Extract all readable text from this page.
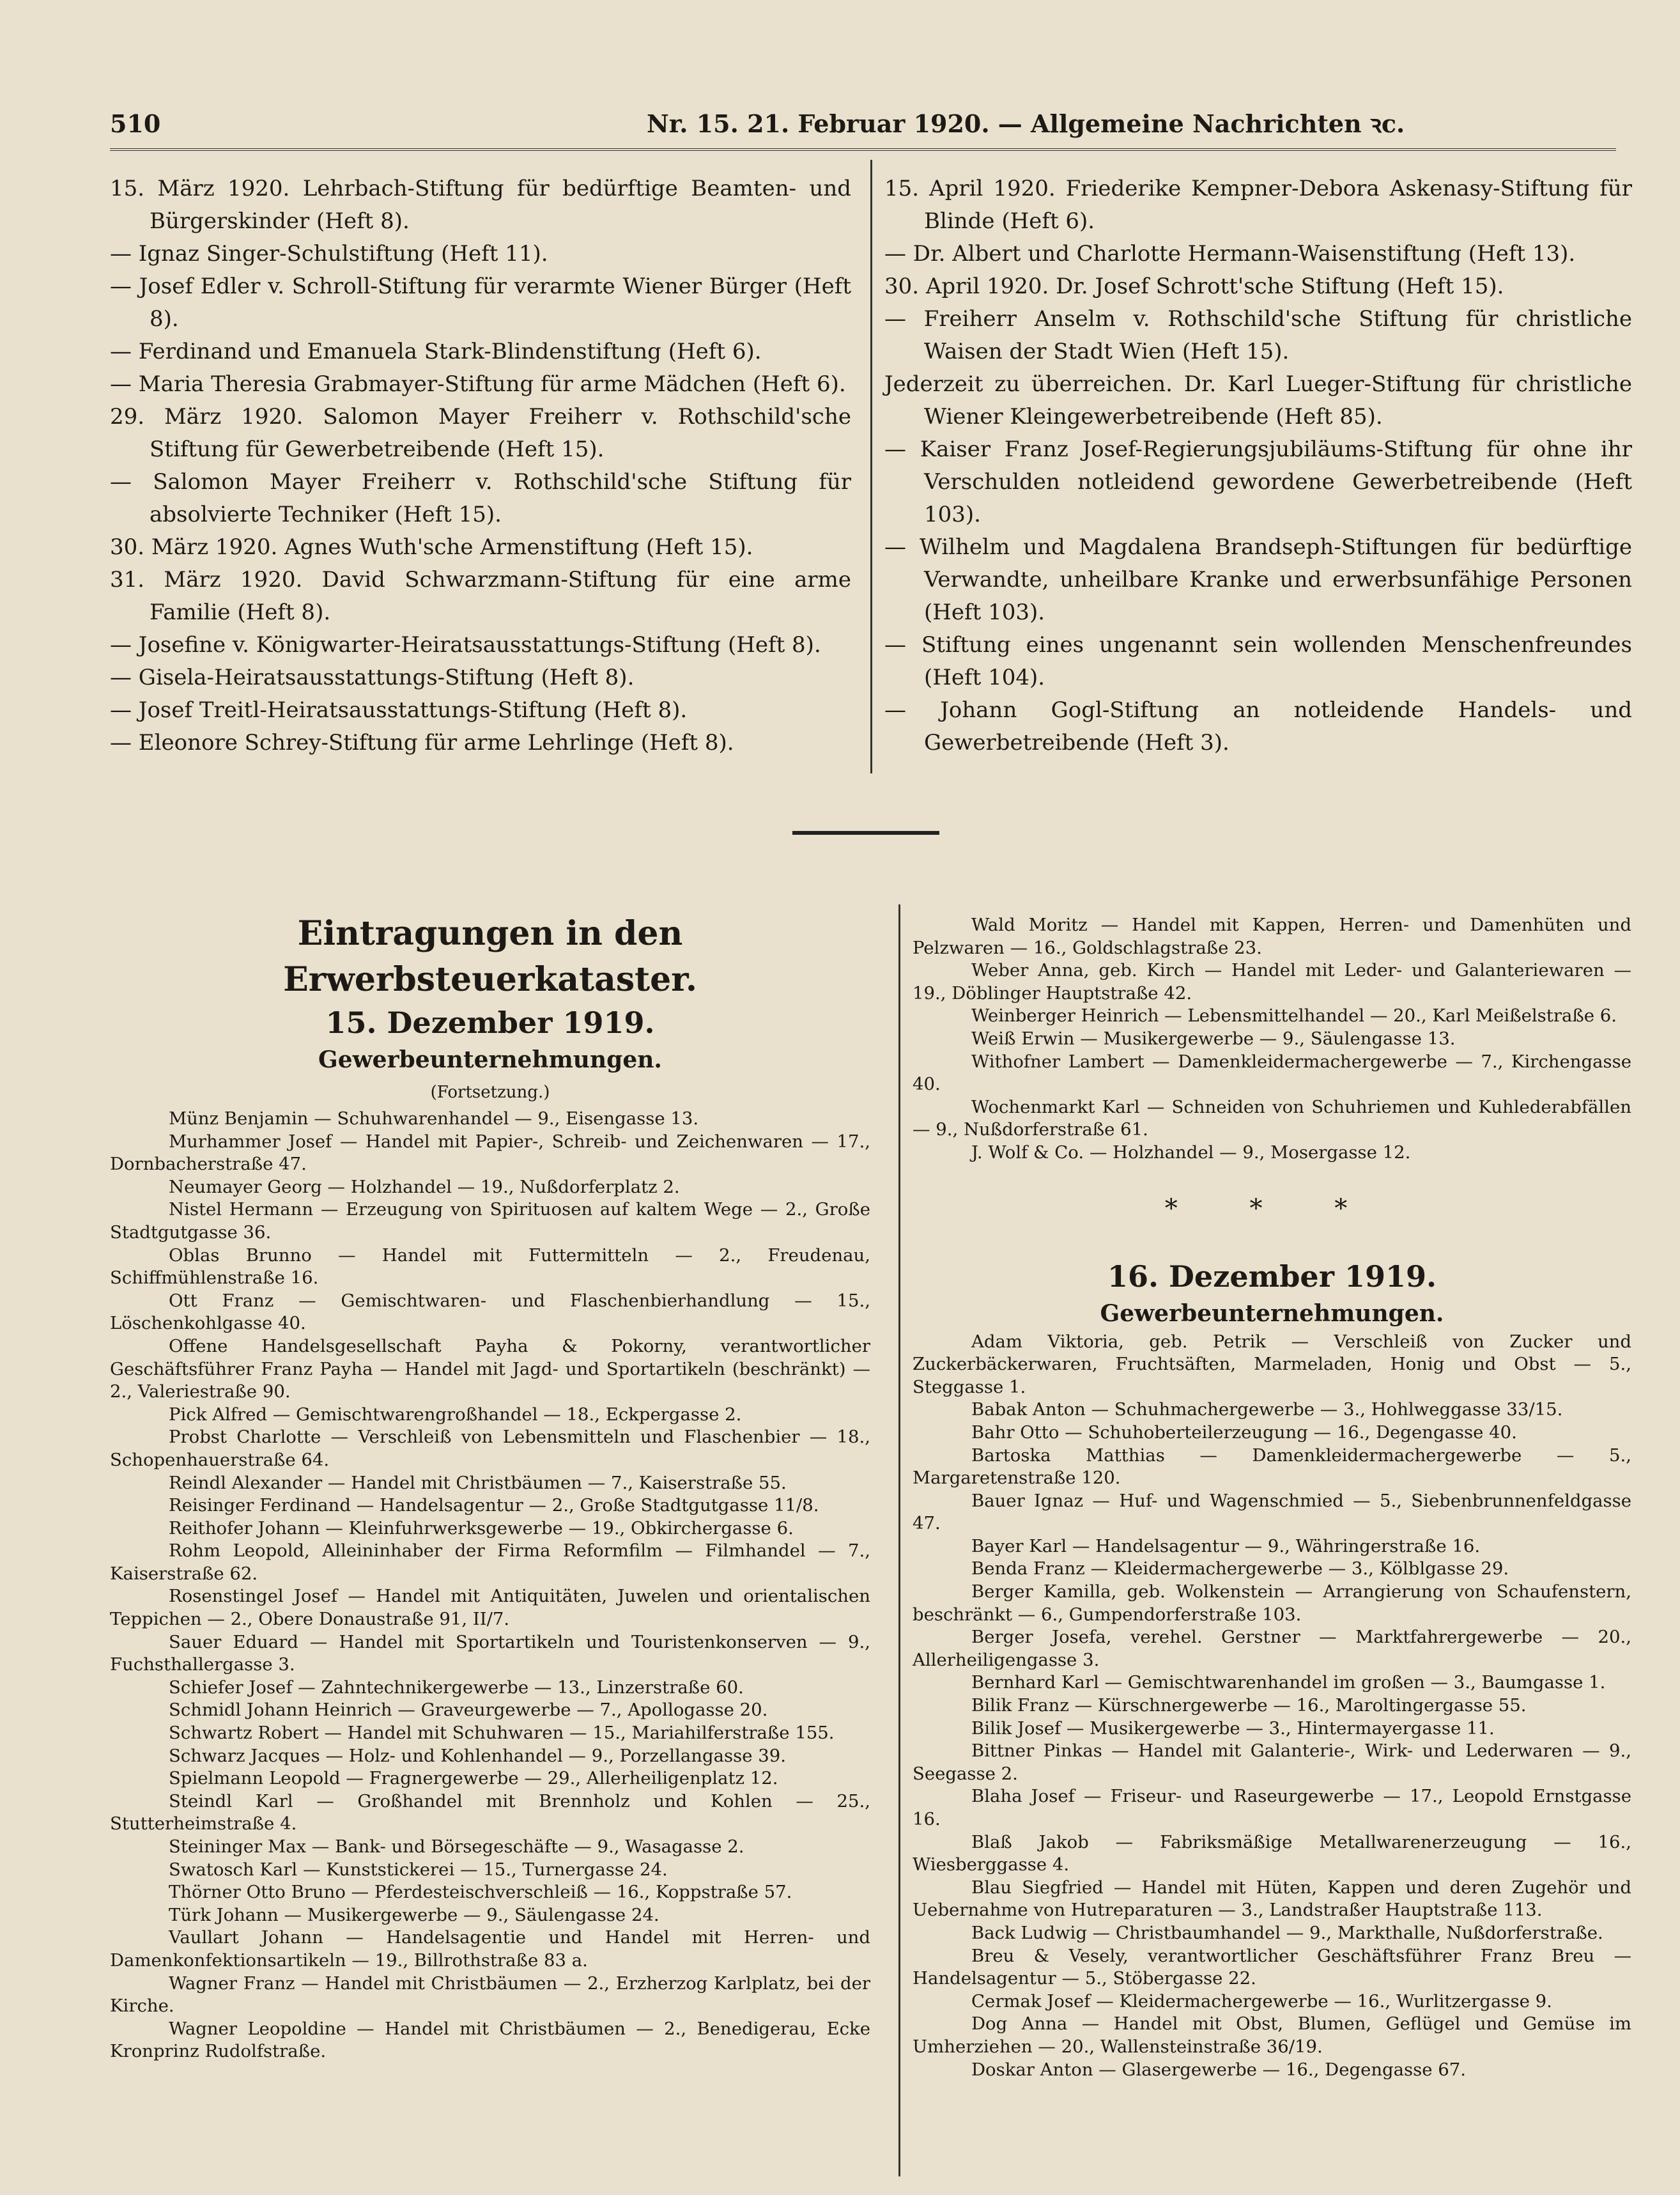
510	Nr. 15. 21. Februar 1920. — Allgemeine Nachrichten ꝛc.
15. März 1920. Lehrbach-Stiftung für bedürftige Beamten- und Bürgerskinder (Heft 8).
— Ignaz Singer-Schulstiftung (Heft 11).
— Josef Edler v. Schroll-Stiftung für verarmte Wiener Bürger (Heft 8).
— Ferdinand und Emanuela Stark-Blindenstiftung (Heft 6).
— Maria Theresia Grabmayer-Stiftung für arme Mädchen (Heft 6).
29. März 1920. Salomon Mayer Freiherr v. Rothschild'sche Stiftung für Gewerbetreibende (Heft 15).
— Salomon Mayer Freiherr v. Rothschild'sche Stiftung für absolvierte Techniker (Heft 15).
30. März 1920. Agnes Wuth'sche Armenstiftung (Heft 15).
31. März 1920. David Schwarzmann-Stiftung für eine arme Familie (Heft 8).
— Josefine v. Königwarter-Heiratsausstattungs-Stiftung (Heft 8).
— Gisela-Heiratsausstattungs-Stiftung (Heft 8).
— Josef Treitl-Heiratsausstattungs-Stiftung (Heft 8).
— Eleonore Schrey-Stiftung für arme Lehrlinge (Heft 8).
15. April 1920. Friederike Kempner-Debora Askenasy-Stiftung für Blinde (Heft 6).
— Dr. Albert und Charlotte Hermann-Waisenstiftung (Heft 13).
30. April 1920. Dr. Josef Schrott'sche Stiftung (Heft 15).
— Freiherr Anselm v. Rothschild'sche Stiftung für christliche Waisen der Stadt Wien (Heft 15).
Jederzeit zu überreichen. Dr. Karl Lueger-Stiftung für christliche Wiener Kleingewerbetreibende (Heft 85).
— Kaiser Franz Josef-Regierungsjubiläums-Stiftung für ohne ihr Verschulden notleidend gewordene Gewerbetreibende (Heft 103).
— Wilhelm und Magdalena Brandseph-Stiftungen für bedürftige Verwandte, unheilbare Kranke und erwerbsunfähige Personen (Heft 103).
— Stiftung eines ungenannt sein wollenden Menschenfreundes (Heft 104).
— Johann Gogl-Stiftung an notleidende Handels- und Gewerbetreibende (Heft 3).
Eintragungen in den Erwerbsteuerkataster.
15. Dezember 1919.
Gewerbeunternehmungen.
(Fortsetzung.)
Münz Benjamin — Schuhwarenhandel — 9., Eisengasse 13.
Murhammer Josef — Handel mit Papier-, Schreib- und Zeichenwaren — 17., Dornbacherstraße 47.
Neumayer Georg — Holzhandel — 19., Nußdorferplatz 2.
Nistel Hermann — Erzeugung von Spirituosen auf kaltem Wege — 2., Große Stadtgutgasse 36.
Oblas Brunno — Handel mit Futtermitteln — 2., Freudenau, Schiffmühlenstraße 16.
Ott Franz — Gemischtwaren- und Flaschenbierhandlung — 15., Löschenkohlgasse 40.
Offene Handelsgesellschaft Payha & Pokorny, verantwortlicher Geschäftsführer Franz Payha — Handel mit Jagd- und Sportartikeln (beschränkt) — 2., Valeriestraße 90.
Pick Alfred — Gemischtwarengroßhandel — 18., Eckpergasse 2.
Probst Charlotte — Verschleiß von Lebensmitteln und Flaschenbier — 18., Schopenhauerstraße 64.
Reindl Alexander — Handel mit Christbäumen — 7., Kaiserstraße 55.
Reisinger Ferdinand — Handelsagentur — 2., Große Stadtgutgasse 11/8.
Reithofer Johann — Kleinfuhrwerksgewerbe — 19., Obkirchergasse 6.
Rohm Leopold, Alleininhaber der Firma Reformfilm — Filmhandel — 7., Kaiserstraße 62.
Rosenstingel Josef — Handel mit Antiquitäten, Juwelen und orientalischen Teppichen — 2., Obere Donaustraße 91, II/7.
Sauer Eduard — Handel mit Sportartikeln und Touristenkonserven — 9., Fuchsthallergasse 3.
Schiefer Josef — Zahntechnikergewerbe — 13., Linzerstraße 60.
Schmidl Johann Heinrich — Graveurgewerbe — 7., Apollogasse 20.
Schwartz Robert — Handel mit Schuhwaren — 15., Mariahilferstraße 155.
Schwarz Jacques — Holz- und Kohlenhandel — 9., Porzellangasse 39.
Spielmann Leopold — Fragnergewerbe — 29., Allerheiligenplatz 12.
Steindl Karl — Großhandel mit Brennholz und Kohlen — 25., Stutterheimstraße 4.
Steininger Max — Bank- und Börsegeschäfte — 9., Wasagasse 2.
Swatosch Karl — Kunststickerei — 15., Turnergasse 24.
Thörner Otto Bruno — Pferdesteischverschleiß — 16., Koppstraße 57.
Türk Johann — Musikergewerbe — 9., Säulengasse 24.
Vaullart Johann — Handelsagentie und Handel mit Herren- und Damenkonfektionsartikeln — 19., Billrothstraße 83 a.
Wagner Franz — Handel mit Christbäumen — 2., Erzherzog Karlplatz, bei der Kirche.
Wagner Leopoldine — Handel mit Christbäumen — 2., Benedigerau, Ecke Kronprinz Rudolfstraße.
Wald Moritz — Handel mit Kappen, Herren- und Damenhüten und Pelzwaren — 16., Goldschlagstraße 23.
Weber Anna, geb. Kirch — Handel mit Leder- und Galanteriewaren — 19., Döblinger Hauptstraße 42.
Weinberger Heinrich — Lebensmittelhandel — 20., Karl Meißelstraße 6.
Weiß Erwin — Musikergewerbe — 9., Säulengasse 13.
Withofner Lambert — Damenkleidermachergewerbe — 7., Kirchengasse 40.
Wochenmarkt Karl — Schneiden von Schuhriemen und Kuhlederabfällen — 9., Nußdorferstraße 61.
J. Wolf & Co. — Holzhandel — 9., Mosergasse 12.
* * *
16. Dezember 1919.
Gewerbeunternehmungen.
Adam Viktoria, geb. Petrik — Verschleiß von Zucker und Zuckerbäckerwaren, Fruchtsäften, Marmeladen, Honig und Obst — 5., Steggasse 1.
Babak Anton — Schuhmachergewerbe — 3., Hohlweggasse 33/15.
Bahr Otto — Schuhoberteilerzeugung — 16., Degengasse 40.
Bartoska Matthias — Damenkleidermachergewerbe — 5., Margaretenstraße 120.
Bauer Ignaz — Huf- und Wagenschmied — 5., Siebenbrunnenfeldgasse 47.
Bayer Karl — Handelsagentur — 9., Währingerstraße 16.
Benda Franz — Kleidermachergewerbe — 3., Kölblgasse 29.
Berger Kamilla, geb. Wolkenstein — Arrangierung von Schaufenstern, beschränkt — 6., Gumpendorferstraße 103.
Berger Josefa, verehel. Gerstner — Marktfahrergewerbe — 20., Allerheiligengasse 3.
Bernhard Karl — Gemischtwarenhandel im großen — 3., Baumgasse 1.
Bilik Franz — Kürschnergewerbe — 16., Maroltingergasse 55.
Bilik Josef — Musikergewerbe — 3., Hintermayergasse 11.
Bittner Pinkas — Handel mit Galanterie-, Wirk- und Lederwaren — 9., Seegasse 2.
Blaha Josef — Friseur- und Raseurgewerbe — 17., Leopold Ernstgasse 16.
Blaß Jakob — Fabriksmäßige Metallwarenerzeugung — 16., Wiesberggasse 4.
Blau Siegfried — Handel mit Hüten, Kappen und deren Zugehör und Uebernahme von Hutreparaturen — 3., Landstraßer Hauptstraße 113.
Back Ludwig — Christbaumhandel — 9., Markthalle, Nußdorferstraße.
Breu & Vesely, verantwortlicher Geschäftsführer Franz Breu — Handelsagentur — 5., Stöbergasse 22.
Cermak Josef — Kleidermachergewerbe — 16., Wurlitzergasse 9.
Dog Anna — Handel mit Obst, Blumen, Geflügel und Gemüse im Umherziehen — 20., Wallensteinstraße 36/19.
Doskar Anton — Glasergewerbe — 16., Degengasse 67.
